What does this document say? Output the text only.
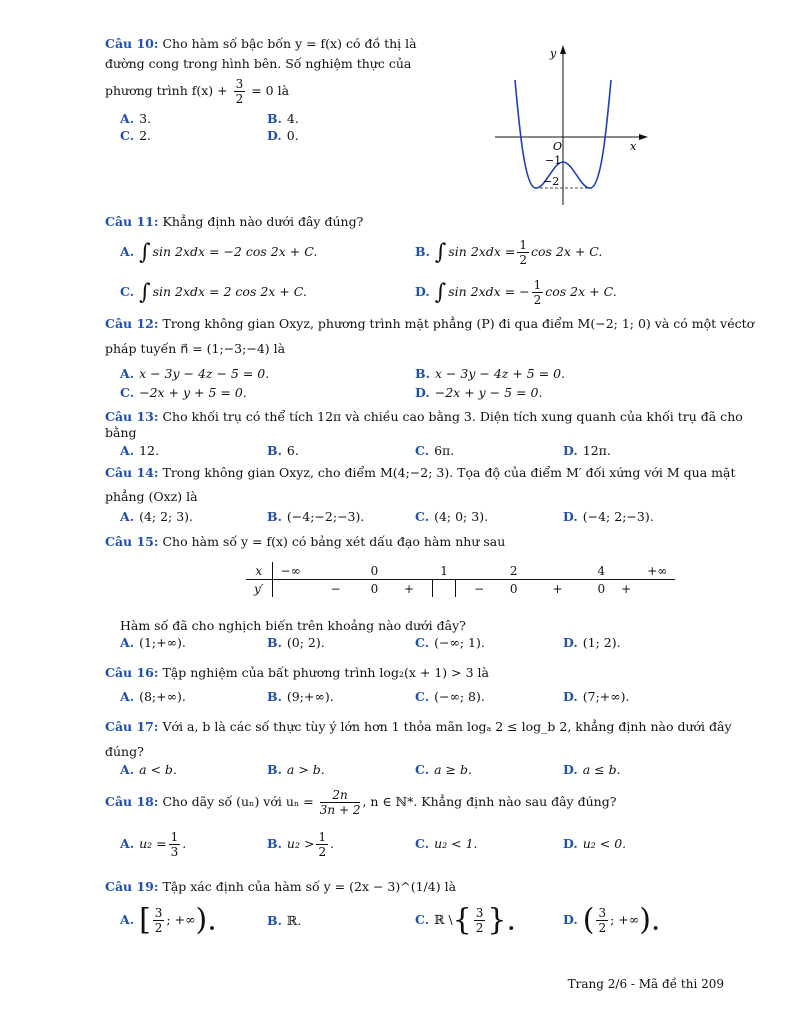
Câu 10: Cho hàm số bậc bốn y = f(x) có đồ thị là
đường cong trong hình bên. Số nghiệm thực của
phương trình $f(x) + \frac{3}{2} = 0$ là
A. 3.	B. 4.
C. 2.	D. 0.
y
x
O
−1
−2
Câu 11: Khẳng định nào dưới đây đúng?
A. ∫ sin 2xdx = −2 cos 2x + C.	B. ∫ $\sin 2xdx = \frac{1}{2}$ cos 2x + C.
C. ∫ sin 2xdx = 2 cos 2x + C.	D. ∫ sin 2xdx = − $\frac{1}{2}$ cos 2x + C.
Câu 12: Trong không gian Oxyz, phương trình mặt phẳng (P) đi qua điểm M(−2; 1; 0) và có một véctơ
pháp tuyến n⃗ = (1;−3;−4) là
A. x − 3y − 4z − 5 = 0.	B. x − 3y − 4z + 5 = 0.
C. −2x + y + 5 = 0.	D. −2x + y − 5 = 0.
Câu 13: Cho khối trụ có thể tích 12π và chiều cao bằng 3. Diện tích xung quanh của khối trụ đã cho
bằng
A. 12.	B. 6.	C. 6π.	D. 12π.
Câu 14: Trong không gian Oxyz, cho điểm M(4;−2; 3). Tọa độ của điểm M′ đối xứng với M qua mặt
phẳng (Oxz) là
A. (4; 2; 3).	B. (−4;−2;−3).	C. (4; 0; 3).	D. (−4; 2;−3).
Câu 15: Cho hàm số y = f(x) có bảng xét dấu đạo hàm như sau
x	−∞		0		1		2		4		+∞
y′		−	0	+		−	0	+	0	+	
Hàm số đã cho nghịch biến trên khoảng nào dưới đây?
A. (1;+∞).	B. (0; 2).	C. (−∞; 1).	D. (1; 2).
Câu 16: Tập nghiệm của bất phương trình log₂(x + 1) > 3 là
A. (8;+∞).	B. (9;+∞).	C. (−∞; 8).	D. (7;+∞).
Câu 17: Với a, b là các số thực tùy ý lớn hơn 1 thỏa mãn logₐ 2 ≤ log_b 2, khẳng định nào dưới đây
đúng?
A. a < b.	B. a > b.	C. a ≥ b.	D. a ≤ b.
Câu 18: Cho dãy số (uₙ) với $u_n = \frac{2n}{3n + 2}$ , n ∈ ℕ*. Khẳng định nào sau đây đúng?
A. $u_2 = \frac{1}{3}$ .	B. $u_2 > \frac{1}{2}$ .	C. u₂ < 1.	D. u₂ < 0.
Câu 19: Tập xác định của hàm số y = (2x − 3)^(1/4) là
A. [ $\frac{3}{2}$ ; +∞).	B. ℝ.	C. ℝ \{ $\frac{3}{2}$ }.	D. ( $\frac{3}{2}$ ; +∞).
Trang 2/6 - Mã đề thi 209
